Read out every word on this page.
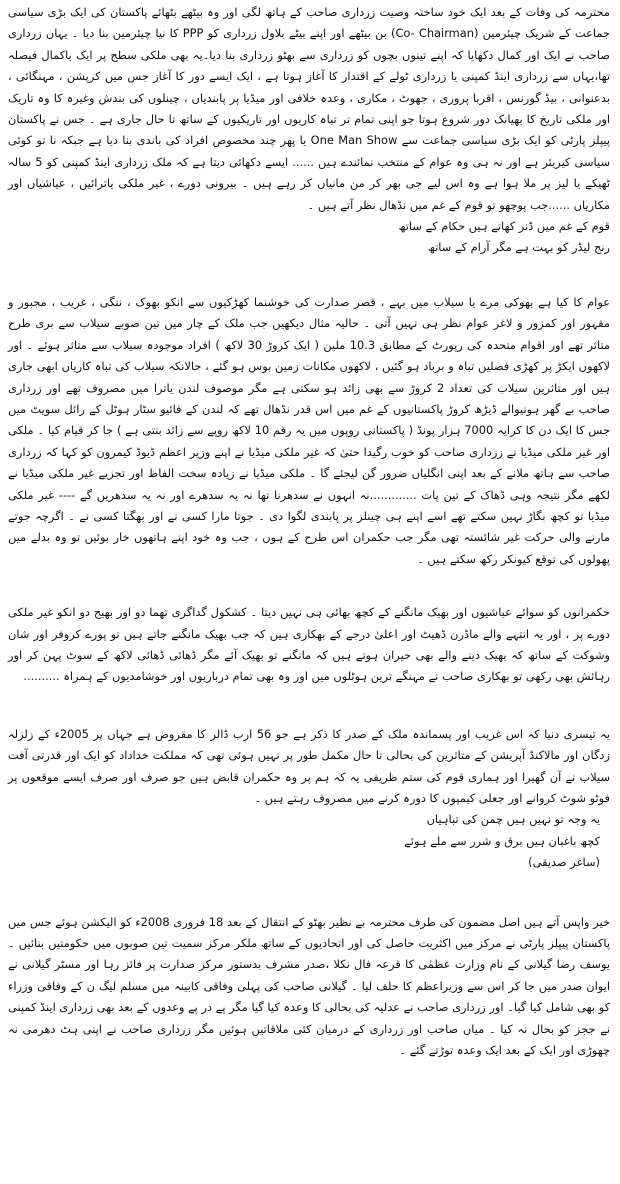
محترمہ کی وفات کے بعد ایک خود ساختہ وصیت زرداری صاحب کے ہاتھ لگی اور وہ بیٹھے بٹھائے پاکستان کی ایک بڑی سیاسی جماعت کے شریک چیئرمین (Co- Chairman) بن بیٹھے اور اپنے بیٹے بلاول زرداری کو PPP کا نیا چیئرمین بنا دیا ۔ یہاں زرداری صاحب نے ایک اور کمال دکھایا کہ اپنے تینوں بچوں کو زرداری سے بھٹو زرداری بنا دیا۔یہ بھی ملکی سطح پر ایک باکمال فیصلہ تھا،یہاں سے زرداری اینڈ کمپنی یا زرداری ٹولے کے اقتدار کا آغاز ہوتا ہے ، ایک ایسے دور کا آغاز جس میں کرپشن ، مہنگائی ، بدعنوانی ، بیڈ گورنس ، اقربا پروری ، جھوٹ ، مکاری ، وعدہ خلافی اور میڈیا پر پابندیاں ، چینلوں کی بندش وغیرہ کا وہ تاریک اور ملکی تاریخ کا بھیانک دور شروع ہوتا جو اپنی تمام تر تباہ کاریوں اور تاریکیوں کے ساتھ تا حال جاری ہے ۔ جس نے پاکستان پیپلز پارٹی کو ایک بڑی سیاسی جماعت سے One Man Show یا پھر چند مخصوص افراد کی باندی بنا دیا ہے جبکہ نا تو کوئی سیاسی کیریئر ہے اور نہ ہی وہ عوام کے منتخب نمائندے ہیں ...... ایسے دکھائی دیتا ہے کہ ملک زرداری اینڈ کمپنی کو 5 سالہ ٹھیکے یا لیز پر ملا ہوا ہے وہ اس لیے جی بھر کر من مانیاں کر رہے ہیں ۔ بیرونی دورے ، غیر ملکی یاترائیں ، عیاشیاں اور مکاریاں ......جب پوچھو تو قوم کے غم میں نڈھال نظر آتے ہیں ۔

قوم کے غم میں ڈنر کھاتے ہیں حکام کے ساتھ
رنج لیڈر کو بہت ہے مگر آرام کے ساتھ

عوام کا کیا ہے بھوکی مرے یا سیلاب میں بہے ، قصر صدارت کی خوشنما کھڑکیوں سے انکو بھوک ، ننگی ، غریب ، مجبور و مقہور اور کمزور و لاغر عوام نظر ہی نہیں آتی ۔ حالیہ مثال دیکھیں جب ملک کے چار میں تین صوبے سیلاب سے بری طرح متاثر تھے اور اقوام متحدہ کی رپورٹ کے مطابق 10.3 ملین ( ایک کروڑ 30 لاکھ ) افراد موجودہ سیلاب سے متاثر ہوئے ۔ اور لاکھوں ایکڑ پر کھڑی فصلیں تباہ و برباد ہو گئیں ، لاکھوں مکانات زمین بوس ہو گئے ، حالانکہ سیلاب کی تباہ کاریاں ابھی جاری ہیں اور متاثرین سیلاب کی تعداد 2 کروڑ سے بھی زائد ہو سکتی ہے مگر موصوف لندن یاترا میں مصروف تھے اور زرداری صاحب بے گھر ہونیوالے ڈیڑھ کروڑ پاکستانیوں کے غم میں اس قدر نڈھال تھے کہ لندن کے فائیو سٹار ہوٹل کے رائل سویٹ میں جس کا ایک دن کا کرایہ 7000 ہزار پونڈ ( پاکستانی روپوں میں یہ رقم 10 لاکھ روپے سے زائد بنتی ہے ) جا کر قیام کیا ۔ ملکی اور غیر ملکی میڈیا نے زرداری صاحب کو خوب رگیدا حتیٰ کہ غیر ملکی میڈیا نے اپنے وزیر اعظم ڈیوڈ کیمرون کو کہا کہ زرداری صاحب سے ہاتھ ملانے کے بعد اپنی انگلیاں ضرور گن لیجئے گا ۔ ملکی میڈیا نے زیادہ سخت الفاظ اور تجزیے غیر ملکی میڈیا نے لکھے مگر نتیجہ وہی ڈھاک کے تین پات .............نہ انہوں نے سدھرنا تھا نہ یہ سدھرے اور نہ یہ سدھریں گے ---- غیر ملکی میڈیا تو کچھ بگاڑ نہیں سکتے تھے اسے اپنے ہی چینلز پر پابندی لگوا دی ۔ جوتا مارا کسی نے اور بھگتا کسی نے ۔ اگرچہ جوتے مارنے والی حرکت غیر شائستہ تھی مگر جب حکمران اس طرح کے ہوں ، جب وہ خود اپنے ہاتھوں خار بوئیں تو وہ بدلے میں پھولوں کی توقع کیونکر رکھ سکتے ہیں ۔

حکمرانوں کو سوائے عیاشیوں اور بھیک مانگنے کے کچھ بھائی ہی نہیں دیتا ۔ کشکول گداگری تھما دو اور بھیج دو انکو غیر ملکی دورے پر ، اور یہ انتہے والے ماڈرن ڈھیٹ اور اعلیٰ درجے کے بھکاری ہیں کہ جب بھیک مانگنے جاتے ہیں تو پورے کروفر اور شان وشوکت کے ساتھ کہ بھیک دینے والے بھی حیران ہوتے ہیں کہ مانگنے تو بھیک آئے مگر ڈھائی ڈھائی لاکھ کے سوٹ پہن کر اور رہائش بھی رکھی تو بھکاری صاحب نے مہنگے ترین ہوٹلوں میں اور وہ بھی تمام درباریوں اور خوشامدیوں کے ہمراہ ..........

یہ تیسری دنیا کہ اس غریب اور پسماندہ ملک کے صدر کا ذکر ہے جو 56 ارب ڈالر کا مقروض ہے جہاں پر 2005ء کے زلزلہ زدگان اور مالاکنڈ آپریشن کے متاثرین کی بحالی تا حال مکمل طور پر نہیں ہوئی تھی کہ مملکت خداداد کو ایک اور قدرتی آفت سیلاب نے آن گھیرا اور ہماری قوم کی ستم ظریفی یہ کہ ہم پر وہ حکمران قابض ہیں جو صرف اور صرف ایسے موقعوں پر فوٹو شوٹ کروانے اور جعلی کیمپوں کا دورہ کرنے میں مصروف رہتے ہیں ۔

یہ وجہ تو نہیں ہیں چمن کی تباہیاں
کچھ باغبان ہیں برق و شرر سے ملے ہوئے
(ساغر صدیقی)

خیر واپس آتے ہیں اصل مضمون کی طرف محترمہ بے نظیر بھٹو کے انتقال کے بعد 18 فروری 2008ء کو الیکشن ہوئے جس میں پاکستان پیپلز پارٹی نے مرکز میں اکثریت حاصل کی اور اتحادیوں کے ساتھ ملکر مرکز سمیت تین صوبوں میں حکومتیں بنائیں ۔ یوسف رضا گیلانی کے نام وزارت عظمٰی کا قرعہ فال نکلا ،صدر مشرف بدستور مرکز صدارت پر فائز رہا اور مسٹر گیلانی نے ایوان صدر میں جا کر اس سے وزیراعظم کا حلف لیا ۔ گیلانی صاحب کی پہلی وفاقی کابینہ میں مسلم لیگ ن کے وفاقی وزراء کو بھی شامل کیا گیا۔ اور زرداری صاحب نے عدلیہ کی بحالی کا وعدہ کیا گیا مگر پے در پے وعدوں کے بعد بھی زرداری اینڈ کمپنی نے ججز کو بحال نہ کیا ۔ میاں صاحب اور زرداری کے درمیان کئی ملاقاتیں ہوئیں مگر زرداری صاحب نے اپنی ہٹ دھرمی نہ چھوڑی اور ایک کے بعد ایک وعدہ توڑتے گئے ۔
